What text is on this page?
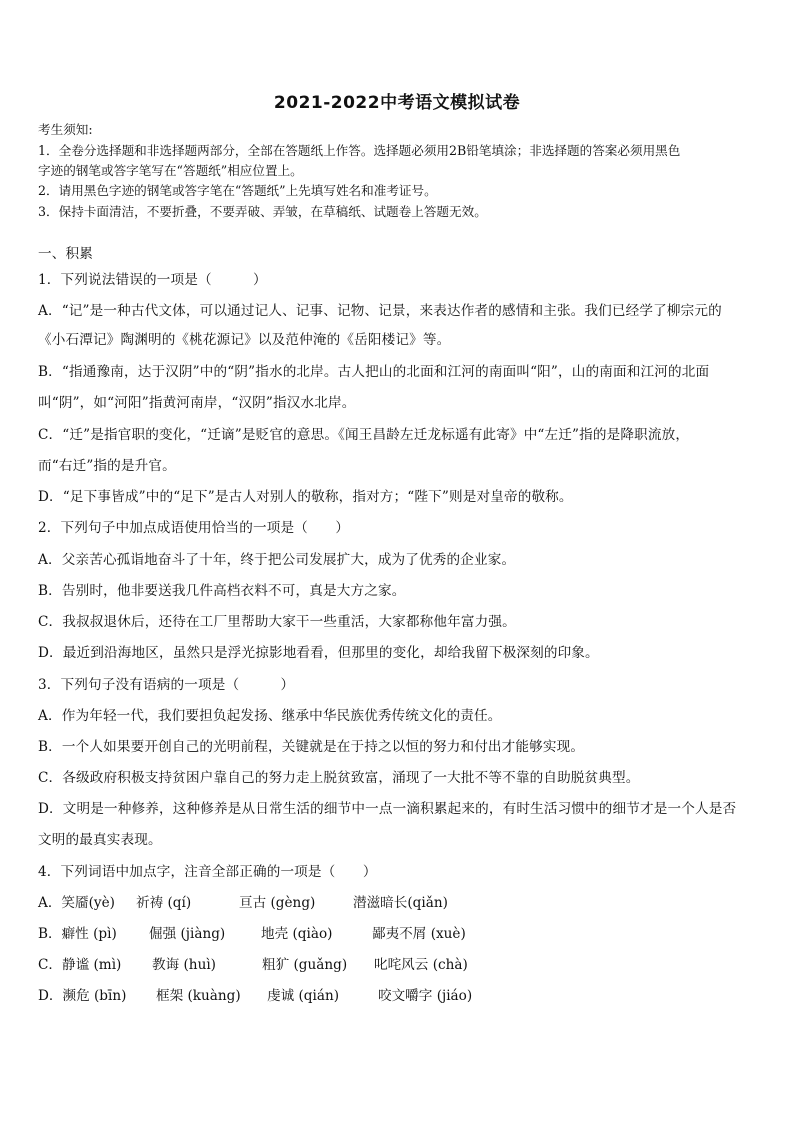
2021-2022中考语文模拟试卷
考生须知:
1．全卷分选择题和非选择题两部分，全部在答题纸上作答。选择题必须用2B铅笔填涂；非选择题的答案必须用黑色
字迹的钢笔或答字笔写在“答题纸”相应位置上。
2．请用黑色字迹的钢笔或答字笔在“答题纸”上先填写姓名和准考证号。
3．保持卡面清洁，不要折叠，不要弄破、弄皱，在草稿纸、试题卷上答题无效。
一、积累
1．下列说法错误的一项是（　　　）
A．“记”是一种古代文体，可以通过记人、记事、记物、记景，来表达作者的感情和主张。我们已经学了柳宗元的
《小石潭记》陶渊明的《桃花源记》以及范仲淹的《岳阳楼记》等。
B．“指通豫南，达于汉阴”中的“阴”指水的北岸。古人把山的北面和江河的南面叫“阳”，山的南面和江河的北面
叫“阴”，如“河阳”指黄河南岸，“汉阴”指汉水北岸。
C．“迁”是指官职的变化，“迁谪”是贬官的意思。《闻王昌龄左迁龙标遥有此寄》中“左迁”指的是降职流放，
而“右迁”指的是升官。
D．“足下事皆成”中的“足下”是古人对别人的敬称，指对方；“陛下”则是对皇帝的敬称。
2．下列句子中加点成语使用恰当的一项是（　　）
A．父亲苦心孤诣地奋斗了十年，终于把公司发展扩大，成为了优秀的企业家。
B．告别时，他非要送我几件高档衣料不可，真是大方之家。
C．我叔叔退休后，还待在工厂里帮助大家干一些重活，大家都称他年富力强。
D．最近到沿海地区，虽然只是浮光掠影地看看，但那里的变化，却给我留下极深刻的印象。
3．下列句子没有语病的一项是（　　　）
A．作为年轻一代，我们要担负起发扬、继承中华民族优秀传统文化的责任。
B．一个人如果要开创自己的光明前程，关键就是在于持之以恒的努力和付出才能够实现。
C．各级政府积极支持贫困户靠自己的努力走上脱贫致富，涌现了一大批不等不靠的自助脱贫典型。
D．文明是一种修养，这种修养是从日常生活的细节中一点一滴积累起来的，有时生活习惯中的细节才是一个人是否
文明的最真实表现。
4．下列词语中加点字，注音全部正确的一项是（　　）
A．笑靥(yè) 祈祷 (qí)	亘古 (gèng)	潜滋暗长(qiǎn)
B．癖性 (pì) 倔强 (jiàng)	地壳 (qiào)	鄙夷不屑 (xuè)
C．静谧 (mì) 教诲 (huì)	粗犷 (guǎng) 叱咤风云 (chà)
D．濒危 (bīn) 框架 (kuàng) 虔诚 (qián)	咬文嚼字 (jiáo)
